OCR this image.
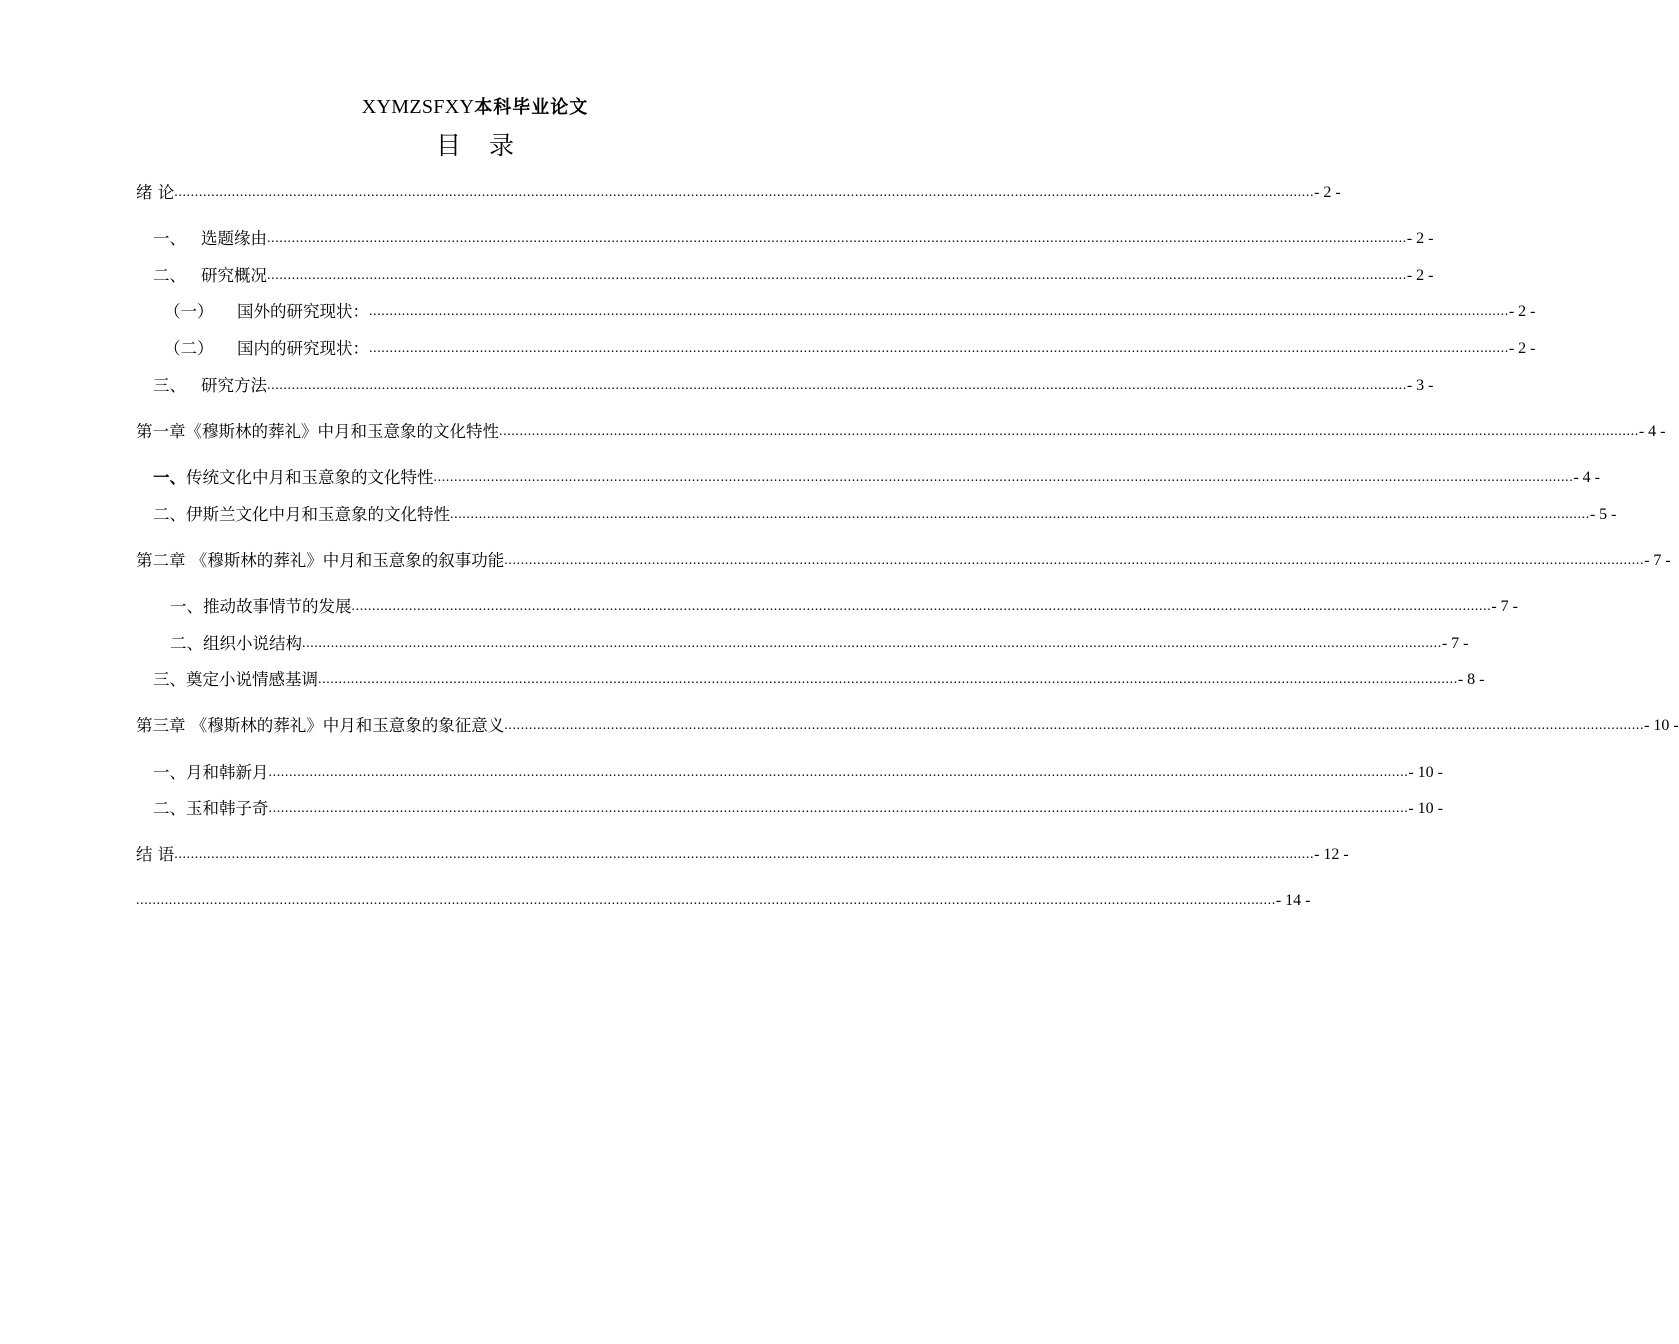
XYMZSFXY本科毕业论文
目 录
绪 论 ...................................................................................................................................................................................................................................................................................... - 2 -
一、 选题缘由 ...................................................................................................................................................................................................................................................................................... - 2 -
二、 研究概况 ...................................................................................................................................................................................................................................................................................... - 2 -
（一）	国外的研究现状： ...................................................................................................................................................................................................................................................................................... - 2 -
（二）	国内的研究现状： ...................................................................................................................................................................................................................................................................................... - 2 -
三、 研究方法 ...................................................................................................................................................................................................................................................................................... - 3 -
第一章《穆斯林的葬礼》中月和玉意象的文化特性 ...................................................................................................................................................................................................................................................................................... - 4 -
一、 传统文化中月和玉意象的文化特性 ...................................................................................................................................................................................................................................................................................... - 4 -
二、伊斯兰文化中月和玉意象的文化特性 ...................................................................................................................................................................................................................................................................................... - 5 -
第二章 《穆斯林的葬礼》中月和玉意象的叙事功能 ...................................................................................................................................................................................................................................................................................... - 7 -
一、推动故事情节的发展 ...................................................................................................................................................................................................................................................................................... - 7 -
二、组织小说结构 ...................................................................................................................................................................................................................................................................................... - 7 -
三、奠定小说情感基调 ...................................................................................................................................................................................................................................................................................... - 8 -
第三章 《穆斯林的葬礼》中月和玉意象的象征意义 ...................................................................................................................................................................................................................................................................................... - 10 -
一、月和韩新月 ...................................................................................................................................................................................................................................................................................... - 10 -
二、玉和韩子奇 ...................................................................................................................................................................................................................................................................................... - 10 -
结 语 ...................................................................................................................................................................................................................................................................................... - 12 -
...................................................................................................................................................................................................................................................................................... - 14 -
